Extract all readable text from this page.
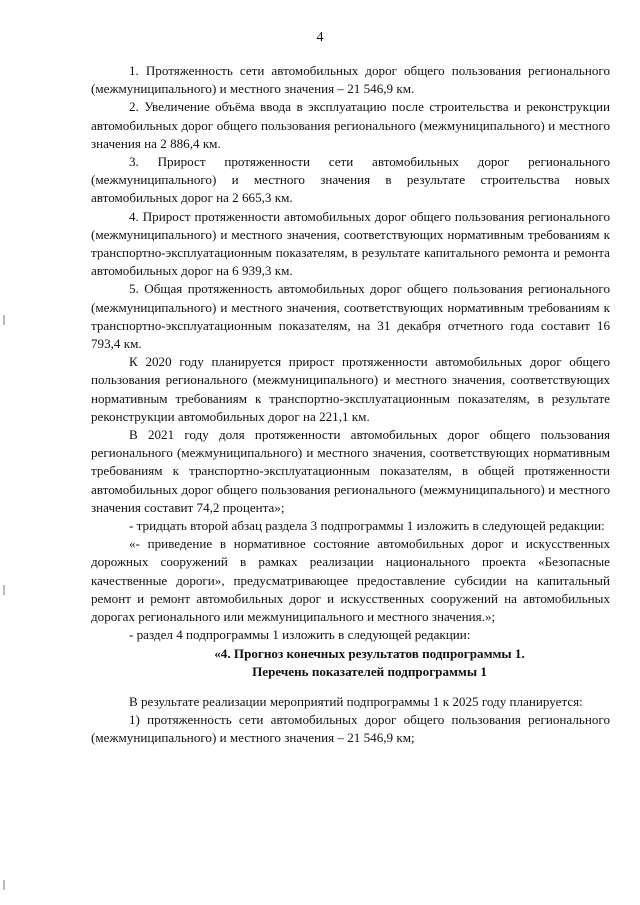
4

1. Протяженность сети автомобильных дорог общего пользования регионального (межмуниципального) и местного значения – 21 546,9 км.

2. Увеличение объёма ввода в эксплуатацию после строительства и реконструкции автомобильных дорог общего пользования регионального (межмуниципального) и местного значения на 2 886,4 км.

3. Прирост протяженности сети автомобильных дорог регионального (межмуниципального) и местного значения в результате строительства новых автомобильных дорог на 2 665,3 км.

4. Прирост протяженности автомобильных дорог общего пользования регионального (межмуниципального) и местного значения, соответствующих нормативным требованиям к транспортно-эксплуатационным показателям, в результате капитального ремонта и ремонта автомобильных дорог на 6 939,3 км.

5. Общая протяженность автомобильных дорог общего пользования регионального (межмуниципального) и местного значения, соответствующих нормативным требованиям к транспортно-эксплуатационным показателям, на 31 декабря отчетного года составит 16 793,4 км.

К 2020 году планируется прирост протяженности автомобильных дорог общего пользования регионального (межмуниципального) и местного значения, соответствующих нормативным требованиям к транспортно-эксплуатационным показателям, в результате реконструкции автомобильных дорог на 221,1 км.

В 2021 году доля протяженности автомобильных дорог общего пользования регионального (межмуниципального) и местного значения, соответствующих нормативным требованиям к транспортно-эксплуатационным показателям, в общей протяженности автомобильных дорог общего пользования регионального (межмуниципального) и местного значения составит 74,2 процента»;

- тридцать второй абзац раздела 3 подпрограммы 1 изложить в следующей редакции:

«- приведение в нормативное состояние автомобильных дорог и искусственных дорожных сооружений в рамках реализации национального проекта «Безопасные качественные дороги», предусматривающее предоставление субсидии на капитальный ремонт и ремонт автомобильных дорог и искусственных сооружений на автомобильных дорогах регионального или межмуниципального и местного значения.»;

- раздел 4 подпрограммы 1 изложить в следующей редакции:

«4. Прогноз конечных результатов подпрограммы 1.

Перечень показателей подпрограммы 1

В результате реализации мероприятий подпрограммы 1 к 2025 году планируется:

1) протяженность сети автомобильных дорог общего пользования регионального (межмуниципального) и местного значения – 21 546,9 км;
